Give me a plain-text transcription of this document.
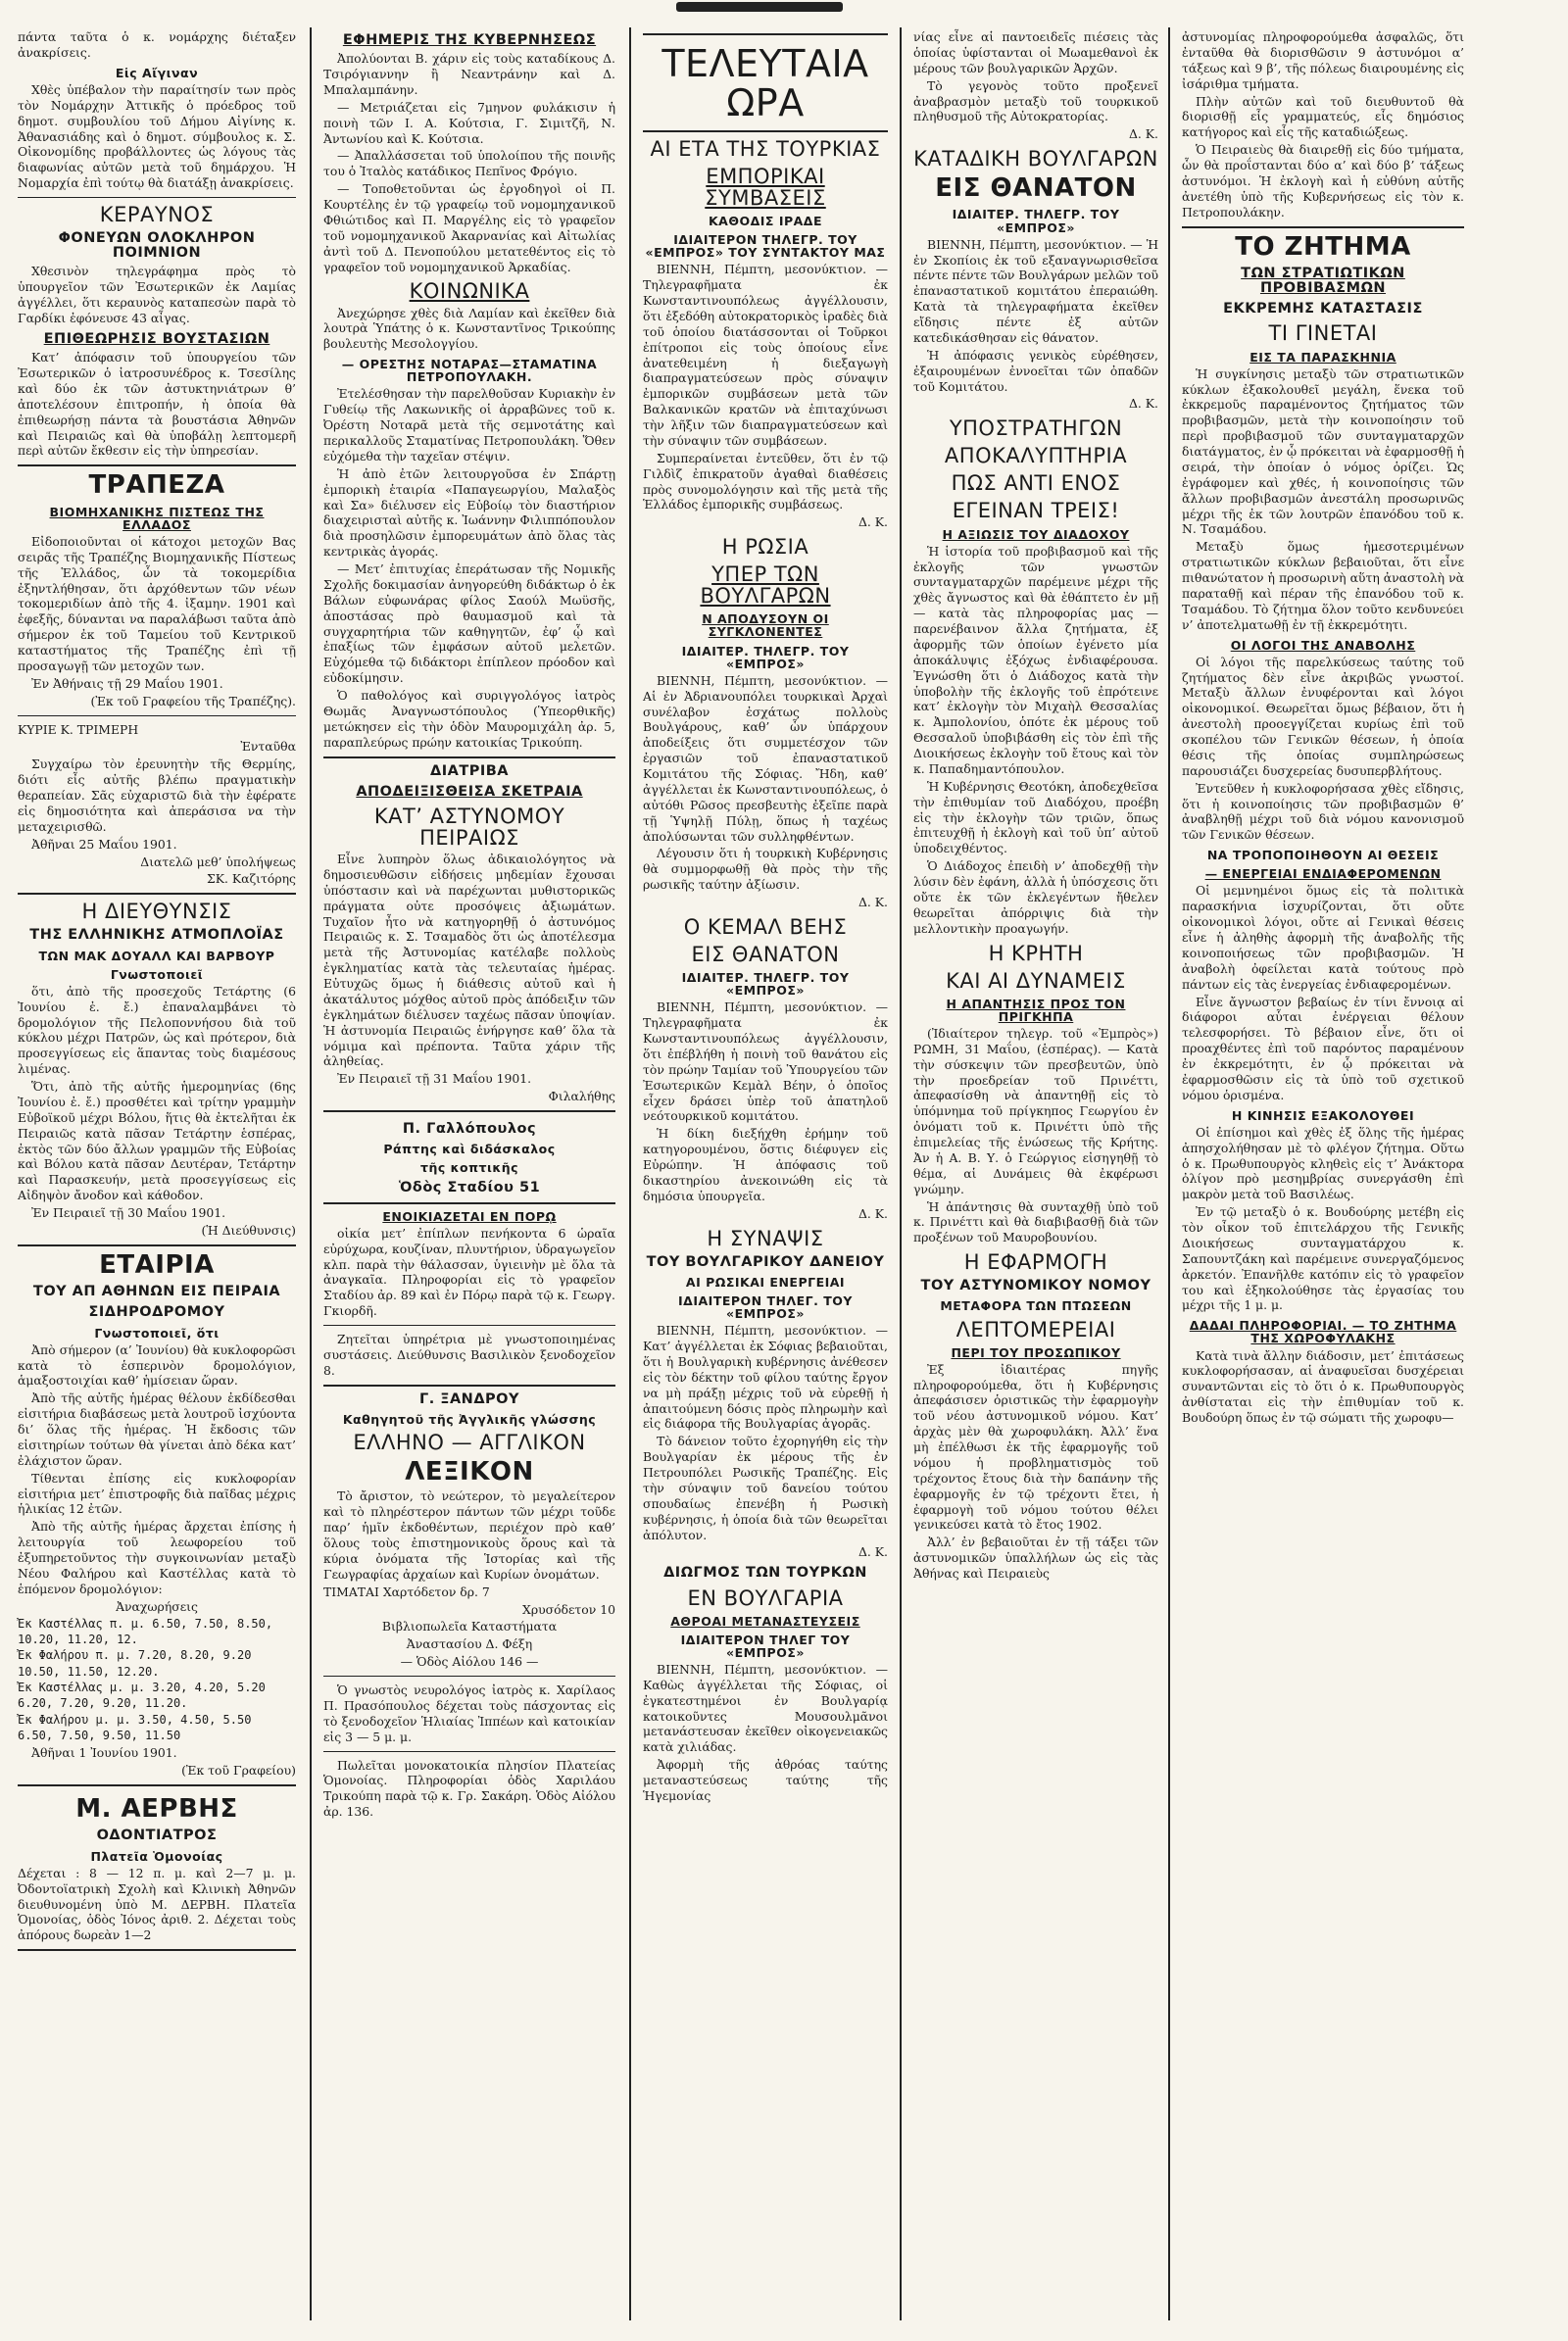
πάντα ταῦτα ὁ κ. νομάρχης διέταξεν ἀνακρίσεις.

Εἰς Αἴγιναν

Χθὲς ὑπέβαλον τὴν παραίτησίν των πρὸς τὸν Νομάρχην Ἀττικῆς ὁ πρόεδρος τοῦ δημοτ. συμβουλίου τοῦ Δήμου Αἰγίνης κ. Ἀθανασιάδης καὶ ὁ δημοτ. σύμβουλος κ. Σ. Οἰκονομίδης προβάλλοντες ὡς λόγους τὰς διαφωνίας αὐτῶν μετὰ τοῦ δημάρχου. Ἡ Νομαρχία ἐπὶ τούτῳ θὰ διατάξῃ ἀνακρίσεις.

ΚΕΡΑΥΝΟΣ
ΦΟΝΕΥΩΝ ΟΛΟΚΛΗΡΟΝ ΠΟΙΜΝΙΟΝ

Χθεσινὸν τηλεγράφημα πρὸς τὸ ὑπουργεῖον τῶν Ἐσωτερικῶν ἐκ Λαμίας ἀγγέλλει, ὅτι κεραυνὸς καταπεσὼν παρὰ τὸ Γαρδίκι ἐφόνευσε 43 αἶγας.

ΕΠΙΘΕΩΡΗΣΙΣ ΒΟΥΣΤΑΣΙΩΝ

Κατ’ ἀπόφασιν τοῦ ὑπουργείου τῶν Ἐσωτερικῶν ὁ ἰατροσυνέδρος κ. Τσεσίλης καὶ δύο ἐκ τῶν ἀστυκτηνιάτρων θ’ ἀποτελέσουν ἐπιτροπήν, ἡ ὁποία θὰ ἐπιθεωρήσῃ πάντα τὰ βουστάσια Ἀθηνῶν καὶ Πειραιῶς καὶ θὰ ὑποβάλῃ λεπτομερῆ περὶ αὐτῶν ἔκθεσιν εἰς τὴν ὑπηρεσίαν.

ΤΡΑΠΕΖΑ
ΒΙΟΜΗΧΑΝΙΚΗΣ ΠΙΣΤΕΩΣ ΤΗΣ ΕΛΛΑΔΟΣ

Εἰδοποιοῦνται οἱ κάτοχοι μετοχῶν Βας σειρᾶς τῆς Τραπέζης Βιομηχανικῆς Πίστεως τῆς Ἑλλάδος, ὧν τὰ τοκομερίδια ἐξηντλήθησαν, ὅτι ἀρχόθεντων τῶν νέων τοκομεριδίων ἀπὸ τῆς 4. ἰξαμην. 1901 καὶ ἐφεξῆς, δύνανται να παραλάβωσι ταῦτα ἀπὸ σήμερον ἐκ τοῦ Ταμείου τοῦ Κεντρικοῦ καταστήματος τῆς Τραπέζης ἐπὶ τῇ προσαγωγῇ τῶν μετοχῶν των.

Ἐν Ἀθήναις τῇ 29 Μαΐου 1901.

(Ἐκ τοῦ Γραφείου τῆς Τραπέζης).

ΚΥΡΙΕ Κ. ΤΡΙΜΕΡΗ

Ἐνταῦθα

Συγχαίρω τὸν ἐρευνητὴν τῆς Θερμίης, διότι εἶς αὐτῆς βλέπω πραγματικὴν θεραπείαν. Σᾶς εὐχαριστῶ διὰ τὴν ἐφέρατε εἰς δημοσιότητα καὶ ἀπεράσισα να τὴν μεταχειρισθῶ.

Ἀθῆναι 25 Μαΐου 1901.

Διατελῶ μεθ’ ὑπολήψεως

ΣΚ. Καζιτόρης

Η ΔΙΕΥΘΥΝΣΙΣ
ΤΗΣ ΕΛΛΗΝΙΚΗΣ ΑΤΜΟΠΛΟΪΑΣ
ΤΩΝ ΜΑΚ ΔΟΥΑΛΛ ΚΑΙ ΒΑΡΒΟΥΡ
Γνωστοποιεῖ

ὅτι, ἀπὸ τῆς προσεχοῦς Τετάρτης (6 Ἰουνίου ἐ. ἔ.) ἐπαναλαμβάνει τὸ δρομολόγιον τῆς Πελοποννήσου διὰ τοῦ κύκλου μέχρι Πατρῶν, ὡς καὶ πρότερον, διὰ προσεγγίσεως εἰς ἅπαντας τοὺς διαμέσους λιμένας.

Ὅτι, ἀπὸ τῆς αὐτῆς ἡμερομηνίας (6ης Ἰουνίου ἐ. ἔ.) προσθέτει καὶ τρίτην γραμμὴν Εὐβοϊκοῦ μέχρι Βόλου, ἥτις θὰ ἐκτελῆται ἐκ Πειραιῶς κατὰ πᾶσαν Τετάρτην ἑσπέρας, ἐκτὸς τῶν δύο ἄλλων γραμμῶν τῆς Εὐβοίας καὶ Βόλου κατὰ πᾶσαν Δευτέραν, Τετάρτην καὶ Παρασκευήν, μετὰ προσεγγίσεως εἰς Αἰδηψὸν ἄνοδον καὶ κάθοδον.

Ἐν Πειραιεῖ τῇ 30 Μαΐου 1901.

(Ἡ Διεύθυνσις)

ΕΤΑΙΡΙΑ
ΤΟΥ ΑΠ ΑΘΗΝΩΝ ΕΙΣ ΠΕΙΡΑΙΑ
ΣΙΔΗΡΟΔΡΟΜΟΥ
Γνωστοποιεῖ, ὅτι

Ἀπὸ σήμερον (α’ Ἰουνίου) θὰ κυκλοφορῶσι κατὰ τὸ ἑσπερινὸν δρομολόγιον, ἁμαξοστοιχίαι καθ’ ἡμίσειαν ὥραν.

Ἀπὸ τῆς αὐτῆς ἡμέρας θέλουν ἐκδίδεσθαι εἰσιτήρια διαβάσεως μετὰ λουτροῦ ἰσχύοντα δι’ ὅλας τῆς ἡμέρας. Ἡ ἔκδοσις τῶν εἰσιτηρίων τούτων θὰ γίνεται ἀπὸ δέκα κατ’ ἐλάχιστον ὥραν.

Τίθενται ἐπίσης εἰς κυκλοφορίαν εἰσιτήρια μετ’ ἐπιστροφῆς διὰ παῖδας μέχρις ἡλικίας 12 ἐτῶν.

Ἀπὸ τῆς αὐτῆς ἡμέρας ἄρχεται ἐπίσης ἡ λειτουργία τοῦ λεωφορείου τοῦ ἐξυπηρετοῦντος τὴν συγκοινωνίαν μεταξὺ Νέου Φαλήρου καὶ Καστέλλας κατὰ τὸ ἑπόμενον δρομολόγιον:

Ἀναχωρήσεις

Ἐκ Καστέλλας π. μ. 6.50, 7.50, 8.50,

10.20, 11.20, 12.

Ἐκ Φαλήρου π. μ. 7.20, 8.20, 9.20

10.50, 11.50, 12.20.

Ἐκ Καστέλλας μ. μ. 3.20, 4.20, 5.20

6.20, 7.20, 9.20, 11.20.

Ἐκ Φαλήρου μ. μ. 3.50, 4.50, 5.50

6.50, 7.50, 9.50, 11.50

Ἀθῆναι 1 Ἰουνίου 1901.

(Ἐκ τοῦ Γραφείου)

Μ. ΑΕΡΒΗΣ
ΟΔΟΝΤΙΑΤΡΟΣ
Πλατεῖα Ὁμονοίας

Δέχεται : 8 — 12 π. μ. καὶ 2—7 μ. μ. Ὀδοντοϊατρικὴ Σχολὴ καὶ Κλινικὴ Ἀθηνῶν διευθυνομένη ὑπὸ Μ. ΔΕΡΒΗ. Πλατεῖα Ὁμονοίας, ὁδὸς Ἰόνος ἀριθ. 2. Δέχεται τοὺς ἀπόρους δωρεὰν 1—2

ΕΦΗΜΕΡΙΣ ΤΗΣ ΚΥΒΕΡΝΗΣΕΩΣ

Ἀπολύονται Β. χάριν εἰς τοὺς καταδίκους Δ. Τσιρόγιαννην ἢ Νεαντράνην καὶ Δ. Μπαλαμπάνην.

— Μετριάζεται εἰς 7μηνον φυλάκισιν ἡ ποινὴ τῶν Ι. Α. Κούτσια, Γ. Σιμιτζῆ, Ν. Ἀντωνίου καὶ Κ. Κούτσια.

— Ἀπαλλάσσεται τοῦ ὑπολοίπου τῆς ποινῆς του ὁ Ἰταλὸς κατάδικος Πεπῖνος Φρόγιο.

— Τοποθετοῦνται ὡς ἐργοδηγοὶ οἱ Π. Κουρτέλης ἐν τῷ γραφείῳ τοῦ νομομηχανικοῦ Φθιώτιδος καὶ Π. Μαργέλης εἰς τὸ γραφεῖον τοῦ νομομηχανικοῦ Ἀκαρνανίας καὶ Αἰτωλίας ἀντὶ τοῦ Δ. Πενοπούλου μετατεθέντος εἰς τὸ γραφεῖον τοῦ νομομηχανικοῦ Ἀρκαδίας.

ΚΟΙΝΩΝΙΚΑ

Ἀνεχώρησε χθὲς διὰ Λαμίαν καὶ ἐκεῖθεν διὰ λουτρὰ Ὑπάτης ὁ κ. Κωνσταντῖνος Τρικούπης βουλευτὴς Μεσολογγίου.

— ΟΡΕΣΤΗΣ ΝΟΤΑΡΑΣ—ΣΤΑΜΑΤΙΝΑ ΠΕΤΡΟΠΟΥΛΑΚΗ.

Ἐτελέσθησαν τὴν παρελθοῦσαν Κυριακὴν ἐν Γυθείῳ τῆς Λακωνικῆς οἱ ἀρραβῶνες τοῦ κ. Ὀρέστη Νοταρᾶ μετὰ τῆς σεμνοτάτης καὶ περικαλλοῦς Σταματίνας Πετροπουλάκη. Ὅθεν εὐχόμεθα τὴν ταχεῖαν στέψιν.

Ἡ ἀπὸ ἐτῶν λειτουργοῦσα ἐν Σπάρτῃ ἐμπορικὴ ἑταιρία «Παπαγεωργίου, Μαλαξὸς καὶ Σα» διέλυσεν εἰς Εὐβοίῳ τὸν διαστήριον διαχειρισταὶ αὐτῆς κ. Ἰωάννην Φιλιππόπουλον διὰ προσηλῶσιν ἐμπορευμάτων ἀπὸ ὅλας τὰς κεντρικὰς ἀγοράς.

— Μετ’ ἐπιτυχίας ἐπεράτωσαν τῆς Νομικῆς Σχολῆς δοκιμασίαν ἀνηγορεύθη διδάκτωρ ὁ ἐκ Βάλων εὐφωνάρας φίλος Σαούλ Μωϋσῆς, ἀποστάσας πρὸ θαυμασμοῦ καὶ τὰ συγχαρητήρια τῶν καθηγητῶν, ἐφ’ ᾧ καὶ ἐπαξίως τῶν ἐμφάσων αὐτοῦ μελετῶν. Εὐχόμεθα τῷ διδάκτορι ἐπίπλεον πρόοδον καὶ εὐδοκίμησιν.

Ὁ παθολόγος καὶ συριγγολόγος ἰατρὸς Θωμᾶς Ἀναγνωστόπουλος (Ὑπεορθικῆς) μετώκησεν εἰς τὴν ὁδὸν Μαυρομιχάλη ἀρ. 5, παραπλεύρως πρώην κατοικίας Τρικούπη.

ΔΙΑΤΡΙΒΑ
ΑΠΟΔΕΙΞΙΣΘΕΙΣΑ ΣΚΕΤΡΑΙΑ
ΚΑΤ’ ΑΣΤΥΝΟΜΟΥ ΠΕΙΡΑΙΩΣ

Εἶνε λυπηρὸν ὅλως ἀδικαιολόγητος νὰ δημοσιευθῶσιν εἰδήσεις μηδεμίαν ἔχουσαι ὑπόστασιν καὶ νὰ παρέχωνται μυθιστορικῶς πράγματα οὐτε προσόψεις ἀξιωμάτων. Τυχαῖον ἦτο νὰ κατηγορηθῇ ὁ ἀστυνόμος Πειραιῶς κ. Σ. Τσαμαδὸς ὅτι ὡς ἀποτέλεσμα μετὰ τῆς Ἀστυνομίας κατέλαβε πολλοὺς ἐγκληματίας κατὰ τὰς τελευταίας ἡμέρας. Εὐτυχῶς ὅμως ἡ διάθεσις αὐτοῦ καὶ ἡ ἀκατάλυτος μόχθος αὐτοῦ πρὸς ἀπόδειξιν τῶν ἐγκλημάτων διέλυσεν ταχέως πᾶσαν ὑποψίαν. Ἡ ἀστυνομία Πειραιῶς ἐνήργησε καθ’ ὅλα τὰ νόμιμα καὶ πρέποντα. Ταῦτα χάριν τῆς ἀληθείας.

Ἐν Πειραιεῖ τῇ 31 Μαΐου 1901.

Φιλαλήθης

Π. Γαλλόπουλος
Ράπτης καὶ διδάσκαλος
τῆς κοπτικῆς
Ὁδὸς Σταδίου 51
ΕΝΟΙΚΙΑΖΕΤΑΙ ΕΝ ΠΟΡῼ

οἰκία μετ’ ἐπίπλων πενήκοντα 6 ὡραῖα εὐρύχωρα, κουζίναν, πλυντήριον, ὑδραγωγεῖον κλπ. παρὰ τὴν θάλασσαν, ὑγιεινὴν μὲ ὅλα τὰ ἀναγκαῖα. Πληροφορίαι εἰς τὸ γραφεῖον Σταδίου ἀρ. 89 καὶ ἐν Πόρῳ παρὰ τῷ κ. Γεωργ. Γκιορδῆ.

Ζητεῖται ὑπηρέτρια μὲ γνωστοποιημένας συστάσεις. Διεύθυνσις Βασιλικὸν ξενοδοχεῖον 8.

Γ. ΞΑΝΔΡΟΥ
Καθηγητοῦ τῆς Ἀγγλικῆς γλώσσης
ΕΛΛΗΝΟ — ΑΓΓΛΙΚΟΝ
ΛΕΞΙΚΟΝ

Τὸ ἄριστον, τὸ νεώτερον, τὸ μεγαλείτερον καὶ τὸ πληρέστερον πάντων τῶν μέχρι τοῦδε παρ’ ἡμῖν ἐκδοθέντων, περιέχον πρὸ καθ’ ὅλους τοὺς ἐπιστημονικοὺς ὅρους καὶ τὰ κύρια ὀνόματα τῆς Ἱστορίας καὶ τῆς Γεωγραφίας ἀρχαίων καὶ Κυρίων ὀνομάτων.

ΤΙΜΑΤΑΙ Χαρτόδετον δρ. 7

Χρυσόδετον 10

Βιβλιοπωλεῖα Καταστήματα

Ἀναστασίου Δ. Φέξη

— Ὁδὸς Αἰόλου 146 —

Ὁ γνωστὸς νευρολόγος ἰατρὸς κ. Χαρίλαος Π. Πρασόπουλος δέχεται τοὺς πάσχοντας εἰς τὸ ξενοδοχεῖον Ἡλιαίας Ἰππέων καὶ κατοικίαν εἰς 3 — 5 μ. μ.

Πωλεῖται μονοκατοικία πλησίον Πλατείας Ὁμονοίας. Πληροφορίαι ὁδὸς Χαριλάου Τρικούπη παρὰ τῷ κ. Γρ. Σακάρη. Ὁδὸς Αἰόλου ἀρ. 136.

ΤΕΛΕΥΤΑΙΑ ΩΡΑ
ΑΙ ΕΤΑ ΤΗΣ ΤΟΥΡΚΙΑΣ
ΕΜΠΟΡΙΚΑΙ ΣΥΜΒΑΣΕΙΣ
ΚΑΘΟΔΙΣ ΙΡΑΔΕ
ΙΔΙΑΙΤΕΡΟΝ ΤΗΛΕΓΡ. ΤΟΥ «ΕΜΠΡΟΣ» ΤΟΥ ΣΥΝΤΑΚΤΟΥ ΜΑΣ

ΒΙΕΝΝΗ, Πέμπτη, μεσονύκτιον. — Τηλεγραφῆματα ἐκ Κωνσταντινουπόλεως ἀγγέλλουσιν, ὅτι ἐξεδόθη αὐτοκρατορικὸς ἰραδὲς διὰ τοῦ ὁποίου διατάσσονται οἱ Τοῦρκοι ἐπίτροποι εἰς τοὺς ὁποίους εἶνε ἀνατεθειμένη ἡ διεξαγωγὴ διαπραγματεύσεων πρὸς σύναψιν ἐμπορικῶν συμβάσεων μετὰ τῶν Βαλκανικῶν κρατῶν νὰ ἐπιταχύνωσι τὴν λῆξιν τῶν διαπραγματεύσεων καὶ τὴν σύναψιν τῶν συμβάσεων.

Συμπεραίνεται ἐντεῦθεν, ὅτι ἐν τῷ Γιλδὶζ ἐπικρατοῦν ἀγαθαὶ διαθέσεις πρὸς συνομολόγησιν καὶ τῆς μετὰ τῆς Ἑλλάδος ἐμπορικῆς συμβάσεως.

Δ. Κ.

Η ΡΩΣΙΑ
ΥΠΕΡ ΤΩΝ ΒΟΥΛΓΑΡΩΝ
Ν ΑΠΟΔΥΣΟΥΝ ΟΙ ΣΥΓΚΛΟΝΕΝΤΕΣ
ΙΔΙΑΙΤΕΡ. ΤΗΛΕΓΡ. ΤΟΥ «ΕΜΠΡΟΣ»

ΒΙΕΝΝΗ, Πέμπτη, μεσονύκτιον. — Αἱ ἐν Ἀδριανουπόλει τουρκικαὶ Ἀρχαὶ συνέλαβον ἐσχάτως πολλοὺς Βουλγάρους, καθ’ ὧν ὑπάρχουν ἀποδείξεις ὅτι συμμετέσχον τῶν ἐργασιῶν τοῦ ἐπαναστατικοῦ Κομιτάτου τῆς Σόφιας. Ἤδη, καθ’ ἀγγέλλεται ἐκ Κωνσταντινουπόλεως, ὁ αὐτόθι Ρῶσος πρεσβευτὴς ἐξεῖπε παρὰ τῇ Ὑψηλῇ Πύλῃ, ὅπως ἡ ταχέως ἀπολύσωνται τῶν συλληφθέντων.

Λέγουσιν ὅτι ἡ τουρκικὴ Κυβέρνησις θὰ συμμορφωθῇ θὰ πρὸς τὴν τῆς ρωσικῆς ταύτην ἀξίωσιν.

Δ. Κ.

Ο ΚΕΜΑΛ ΒΕΗΣ
ΕΙΣ ΘΑΝΑΤΟΝ
ΙΔΙΑΙΤΕΡ. ΤΗΛΕΓΡ. ΤΟΥ «ΕΜΠΡΟΣ»

ΒΙΕΝΝΗ, Πέμπτη, μεσονύκτιον. — Τηλεγραφῆματα ἐκ Κωνσταντινουπόλεως ἀγγέλλουσιν, ὅτι ἐπέβλήθη ἡ ποινὴ τοῦ θανάτου εἰς τὸν πρώην Ταμίαν τοῦ Ὑπουργείου τῶν Ἐσωτερικῶν Κεμὰλ Βέην, ὁ ὁποῖος εἶχεν δράσει ὑπὲρ τοῦ ἀπατηλοῦ νεότουρκικοῦ κομιτάτου.

Ἡ δίκη διεξήχθη ἐρήμην τοῦ κατηγορουμένου, ὅστις διέφυγεν εἰς Εὐρώπην. Ἡ ἀπόφασις τοῦ δικαστηρίου ἀνεκοινώθη εἰς τὰ δημόσια ὑπουργεῖα.

Δ. Κ.

Η ΣΥΝΑΨΙΣ
ΤΟΥ ΒΟΥΛΓΑΡΙΚΟΥ ΔΑΝΕΙΟΥ
ΑΙ ΡΩΣΙΚΑΙ ΕΝΕΡΓΕΙΑΙ
ΙΔΙΑΙΤΕΡΟΝ ΤΗΛΕΓ. ΤΟΥ «ΕΜΠΡΟΣ»

ΒΙΕΝΝΗ, Πέμπτη, μεσονύκτιον. — Κατ’ ἀγγέλλεται ἐκ Σόφιας βεβαιοῦται, ὅτι ἡ Βουλγαρικὴ κυβέρνησις ἀνέθεσεν εἰς τὸν δέκτην τοῦ φίλου ταύτης ἔργον να μὴ πράξῃ μέχρις τοῦ νὰ εὑρεθῇ ἡ ἀπαιτούμενη δόσις πρὸς πληρωμὴν καὶ εἰς διάφορα τῆς Βουλγαρίας ἀγορᾶς.

Τὸ δάνειον τοῦτο ἐχορηγήθη εἰς τὴν Βουλγαρίαν ἐκ μέρους τῆς ἐν Πετρουπόλει Ρωσικῆς Τραπέζης. Εἰς τὴν σύναψιν τοῦ δανείου τούτου σπουδαίως ἐπενέβη ἡ Ρωσικὴ κυβέρνησις, ἡ ὁποία διὰ τῶν θεωρεῖται ἀπόλυτον.

Δ. Κ.

ΔΙΩΓΜΟΣ ΤΩΝ ΤΟΥΡΚΩΝ
ΕΝ ΒΟΥΛΓΑΡΙΑ
ΑΘΡΟΑΙ ΜΕΤΑΝΑΣΤΕΥΣΕΙΣ
ΙΔΙΑΙΤΕΡΟΝ ΤΗΛΕΓ ΤΟΥ «ΕΜΠΡΟΣ»

ΒΙΕΝΝΗ, Πέμπτη, μεσονύκτιον. — Καθὼς ἀγγέλλεται τῆς Σόφιας, οἱ ἐγκατεστημένοι ἐν Βουλγαρίᾳ κατοικοῦντες Μουσουλμᾶνοι μετανάστευσαν ἐκεῖθεν οἰκογενειακῶς κατὰ χιλιάδας.

Ἀφορμὴ τῆς ἀθρόας ταύτης μεταναστεύσεως ταύτης τῆς Ἡγεμονίας

νίας εἶνε αἱ παντοειδεῖς πιέσεις τὰς ὁποίας ὑφίστανται οἱ Μωαμεθανοὶ ἐκ μέρους τῶν βουλγαρικῶν Ἀρχῶν.

Τὸ γεγονὸς τοῦτο προξενεῖ ἀναβρασμὸν μεταξὺ τοῦ τουρκικοῦ πληθυσμοῦ τῆς Αὐτοκρατορίας.

Δ. Κ.

ΚΑΤΑΔΙΚΗ ΒΟΥΛΓΑΡΩΝ
ΕΙΣ ΘΑΝΑΤΟΝ
ΙΔΙΑΙΤΕΡ. ΤΗΛΕΓΡ. ΤΟΥ «ΕΜΠΡΟΣ»

ΒΙΕΝΝΗ, Πέμπτη, μεσονύκτιον. — Ἡ ἐν Σκοπίοις ἐκ τοῦ εξαναγνωρισθεῖσα πέντε πέντε τῶν Βουλγάρων μελῶν τοῦ ἐπαναστατικοῦ κομιτάτου ἐπεραιώθη. Κατὰ τὰ τηλεγραφήματα ἐκεῖθεν εἴδησις πέντε ἐξ αὐτῶν κατεδικάσθησαν εἰς θάνατον.

Ἡ ἀπόφασις γενικὸς εὐρέθησεν, ἐξαιρουμένων ἐννοεῖται τῶν ὀπαδῶν τοῦ Κομιτάτου.

Δ. Κ.

ΥΠΟΣΤΡΑΤΗΓΩΝ
ΑΠΟΚΑΛΥΠΤΗΡΙΑ
ΠΩΣ ΑΝΤΙ ΕΝΟΣ
ΕΓΕΙΝΑΝ ΤΡΕΙΣ!
Η ΑΞΙΩΣΙΣ ΤΟΥ ΔΙΑΔΟΧΟΥ

Ἡ ἱστορία τοῦ προβιβασμοῦ καὶ τῆς ἐκλογῆς τῶν γνωστῶν συνταγματαρχῶν παρέμεινε μέχρι τῆς χθὲς ἄγνωστος καὶ θὰ ἐθάπτετο ἐν μῇ — κατὰ τὰς πληροφορίας μας — παρενέβαινον ἄλλα ζητήματα, ἐξ ἀφορμῆς τῶν ὁποίων ἐγένετο μία ἀποκάλυψις ἐξόχως ἐνδιαφέρουσα. Ἐγνώσθη ὅτι ὁ Διάδοχος κατὰ τὴν ὑποβολὴν τῆς ἐκλογῆς τοῦ ἐπρότεινε κατ’ ἐκλογὴν τὸν Μιχαὴλ Θεσσαλίας κ. Ἀμπολονίου, ὁπότε ἐκ μέρους τοῦ Θεσσαλοῦ ὑποβιβάσθη εἰς τὸν ἐπὶ τῆς Διοικήσεως ἐκλογὴν τοῦ ἔτους καὶ τὸν κ. Παπαδημαντόπουλον.

Ἡ Κυβέρνησις Θεοτόκη, ἀποδεχθεῖσα τὴν ἐπιθυμίαν τοῦ Διαδόχου, προέβη εἰς τὴν ἐκλογὴν τῶν τριῶν, ὅπως ἐπιτευχθῇ ἡ ἐκλογὴ καὶ τοῦ ὑπ’ αὐτοῦ ὑποδειχθέντος.

Ὁ Διάδοχος ἐπειδὴ ν’ ἀποδεχθῇ τὴν λύσιν δὲν ἐφάνη, ἀλλὰ ἡ ὑπόσχεσις ὅτι οὔτε ἐκ τῶν ἐκλεγέντων ἤθελεν θεωρεῖται ἀπόρριψις διὰ τὴν μελλοντικὴν προαγωγήν.

Η ΚΡΗΤΗ
ΚΑΙ ΑΙ ΔΥΝΑΜΕΙΣ
Η ΑΠΑΝΤΗΣΙΣ ΠΡΟΣ ΤΟΝ ΠΡΙΓΚΗΠΑ

(Ἰδιαίτερον τηλεγρ. τοῦ «Ἐμπρὸς») ΡΩΜΗ, 31 Μαΐου, (ἑσπέρας). — Κατὰ τὴν σύσκεψιν τῶν πρεσβευτῶν, ὑπὸ τὴν προεδρείαν τοῦ Πρινέττι, ἀπεφασίσθη νὰ ἀπαντηθῇ εἰς τὸ ὑπόμνημα τοῦ πρίγκηπος Γεωργίου ἐν ὀνόματι τοῦ κ. Πρινέττι ὑπὸ τῆς ἐπιμελείας τῆς ἑνώσεως τῆς Κρήτης. Ἀν ἡ Α. Β. Υ. ὁ Γεώργιος εἰσηγηθῇ τὸ θέμα, αἱ Δυνάμεις θὰ ἐκφέρωσι γνώμην.

Ἡ ἀπάντησις θὰ συνταχθῇ ὑπὸ τοῦ κ. Πρινέττι καὶ θὰ διαβιβασθῇ διὰ τῶν προξένων τοῦ Μαυροβουνίου.

Η ΕΦΑΡΜΟΓΗ
ΤΟΥ ΑΣΤΥΝΟΜΙΚΟΥ ΝΟΜΟΥ
ΜΕΤΑΦΟΡΑ ΤΩΝ ΠΤΩΣΕΩΝ
ΛΕΠΤΟΜΕΡΕΙΑΙ
ΠΕΡΙ ΤΟΥ ΠΡΟΣΩΠΙΚΟΥ

Ἐξ ἰδιαιτέρας πηγῆς πληροφορούμεθα, ὅτι ἡ Κυβέρνησις ἀπεφάσισεν ὁριστικῶς τὴν ἐφαρμογὴν τοῦ νέου ἀστυνομικοῦ νόμου. Κατ’ ἀρχὰς μὲν θὰ χωροφυλάκη. Ἀλλ’ ἕνα μὴ ἐπέλθωσι ἐκ τῆς ἐφαρμογῆς τοῦ νόμου ἡ προβληματισμὸς τοῦ τρέχοντος ἔτους διὰ τὴν δαπάνην τῆς ἐφαρμογῆς ἐν τῷ τρέχοντι ἔτει, ἡ ἐφαρμογὴ τοῦ νόμου τούτου θέλει γενικεύσει κατὰ τὸ ἔτος 1902.

Ἀλλ’ ἐν βεβαιοῦται ἐν τῇ τάξει τῶν ἀστυνομικῶν ὑπαλλήλων ὡς εἰς τὰς Ἀθήνας καὶ Πειραιεὺς

ἀστυνομίας πληροφορούμεθα ἀσφαλῶς, ὅτι ἐνταῦθα θὰ διορισθῶσιν 9 ἀστυνόμοι α’ τάξεως καὶ 9 β’, τῆς πόλεως διαιρουμένης εἰς ἰσάριθμα τμήματα.

Πλὴν αὐτῶν καὶ τοῦ διευθυντοῦ θὰ διορισθῇ εἷς γραμματεύς, εἷς δημόσιος κατήγορος καὶ εἷς τῆς καταδιώξεως.

Ὁ Πειραιεὺς θὰ διαιρεθῇ εἰς δύο τμήματα, ὧν θὰ προΐστανται δύο α’ καὶ δύο β’ τάξεως ἀστυνόμοι. Ἡ ἐκλογὴ καὶ ἡ εὐθύνη αὐτῆς ἀνετέθη ὑπὸ τῆς Κυβερνήσεως εἰς τὸν κ. Πετροπουλάκην.

ΤΟ ΖΗΤΗΜΑ
ΤΩΝ ΣΤΡΑΤΙΩΤΙΚΩΝ ΠΡΟΒΙΒΑΣΜΩΝ
ΕΚΚΡΕΜΗΣ ΚΑΤΑΣΤΑΣΙΣ
ΤΙ ΓΙΝΕΤΑΙ
ΕΙΣ ΤΑ ΠΑΡΑΣΚΗΝΙΑ

Ἡ συγκίνησις μεταξὺ τῶν στρατιωτικῶν κύκλων ἐξακολουθεῖ μεγάλη, ἕνεκα τοῦ ἐκκρεμοῦς παραμένοντος ζητήματος τῶν προβιβασμῶν, μετὰ τὴν κοινοποίησιν τοῦ περὶ προβιβασμοῦ τῶν συνταγματαρχῶν διατάγματος, ἐν ᾧ πρόκειται νὰ ἐφαρμοσθῇ ἡ σειρά, τὴν ὁποίαν ὁ νόμος ὁρίζει. Ὡς ἐγράφομεν καὶ χθές, ἡ κοινοποίησις τῶν ἄλλων προβιβασμῶν ἀνεστάλη προσωρινῶς μέχρι τῆς ἐκ τῶν λουτρῶν ἐπανόδου τοῦ κ. Ν. Τσαμάδου.

Μεταξὺ ὅμως ἡμεσοτεριμένων στρατιωτικῶν κύκλων βεβαιοῦται, ὅτι εἶνε πιθανώτατον ἡ προσωρινὴ αὕτη ἀναστολὴ νὰ παραταθῇ καὶ πέραν τῆς ἐπανόδου τοῦ κ. Τσαμάδου. Τὸ ζήτημα ὅλον τοῦτο κενδυνεύει ν’ ἀποτελματωθῇ ἐν τῇ ἐκκρεμότητι.

ΟΙ ΛΟΓΟΙ ΤΗΣ ΑΝΑΒΟΛΗΣ

Οἱ λόγοι τῆς παρελκύσεως ταύτης τοῦ ζητήματος δὲν εἶνε ἀκριβῶς γνωστοί. Μεταξὺ ἄλλων ἐνυφέρονται καὶ λόγοι οἰκονομικοί. Θεωρεῖται ὅμως βέβαιον, ὅτι ἡ ἀνεστολὴ προοεγγίζεται κυρίως ἐπὶ τοῦ σκοπέλου τῶν Γενικῶν θέσεων, ἡ ὁποία θέσις τῆς ὁποίας συμπληρώσεως παρουσιάζει δυσχερείας δυσυπερβλήτους.

Ἐντεῦθεν ἡ κυκλοφορήσασα χθὲς εἴδησις, ὅτι ἡ κοινοποίησις τῶν προβιβασμῶν θ’ ἀναβληθῇ μέχρι τοῦ διὰ νόμου κανονισμοῦ τῶν Γενικῶν θέσεων.

ΝΑ ΤΡΟΠΟΠΟΙΗΘΟΥΝ ΑΙ ΘΕΣΕΙΣ
— ΕΝΕΡΓΕΙΑΙ ΕΝΔΙΑΦΕΡΟΜΕΝΩΝ

Οἱ μεμνημένοι ὅμως εἰς τὰ πολιτικὰ παρασκήνια ἰσχυρίζονται, ὅτι οὔτε οἰκονομικοὶ λόγοι, οὔτε αἱ Γενικαὶ θέσεις εἶνε ἡ ἀληθὴς ἀφορμὴ τῆς ἀναβολῆς τῆς κοινοποιήσεως τῶν προβιβασμῶν. Ἡ ἀναβολὴ ὀφείλεται κατὰ τούτους πρὸ πάντων εἰς τὰς ἐνεργείας ἐνδιαφερομένων.

Εἶνε ἄγνωστον βεβαίως ἐν τίνι ἔννοιᾳ αἱ διάφοροι αὗται ἐνέργειαι θέλουν τελεσφορήσει. Τὸ βέβαιον εἶνε, ὅτι οἱ προαχθέντες ἐπὶ τοῦ παρόντος παραμένουν ἐν ἐκκρεμότητι, ἐν ᾧ πρόκειται νὰ ἐφαρμοσθῶσιν εἰς τὰ ὑπὸ τοῦ σχετικοῦ νόμου ὁρισμένα.

Η ΚΙΝΗΣΙΣ ΕΞΑΚΟΛΟΥΘΕΙ

Οἱ ἐπίσημοι καὶ χθὲς ἐξ ὅλης τῆς ἡμέρας ἀπησχολήθησαν μὲ τὸ φλέγον ζήτημα. Οὕτω ὁ κ. Πρωθυπουργὸς κληθεὶς εἰς τ’ Ἀνάκτορα ὀλίγον πρὸ μεσημβρίας συνεργάσθη ἐπὶ μακρὸν μετὰ τοῦ Βασιλέως.

Ἐν τῷ μεταξὺ ὁ κ. Βουδούρης μετέβη εἰς τὸν οἶκον τοῦ ἐπιτελάρχου τῆς Γενικῆς Διοικήσεως συνταγματάρχου κ. Σαπουντζάκη καὶ παρέμεινε συνεργαζόμενος ἀρκετόν. Ἐπανῆλθε κατόπιν εἰς τὸ γραφεῖον του καὶ ἐξηκολούθησε τὰς ἐργασίας του μέχρι τῆς 1 μ. μ.

ΔΑΔΑΙ ΠΛΗΡΟΦΟΡΙΑΙ. — ΤΟ ΖΗΤΗΜΑ ΤΗΣ ΧΩΡΟΦΥΛΑΚΗΣ

Κατὰ τινὰ ἄλλην διάδοσιν, μετ’ ἐπιτάσεως κυκλοφορήσασαν, αἱ ἀναφυεῖσαι δυσχέρειαι συναντῶνται εἰς τὸ ὅτι ὁ κ. Πρωθυπουργὸς ἀνθίσταται εἰς τὴν ἐπιθυμίαν τοῦ κ. Βουδούρη ὅπως ἐν τῷ σώματι τῆς χωροφυ—
